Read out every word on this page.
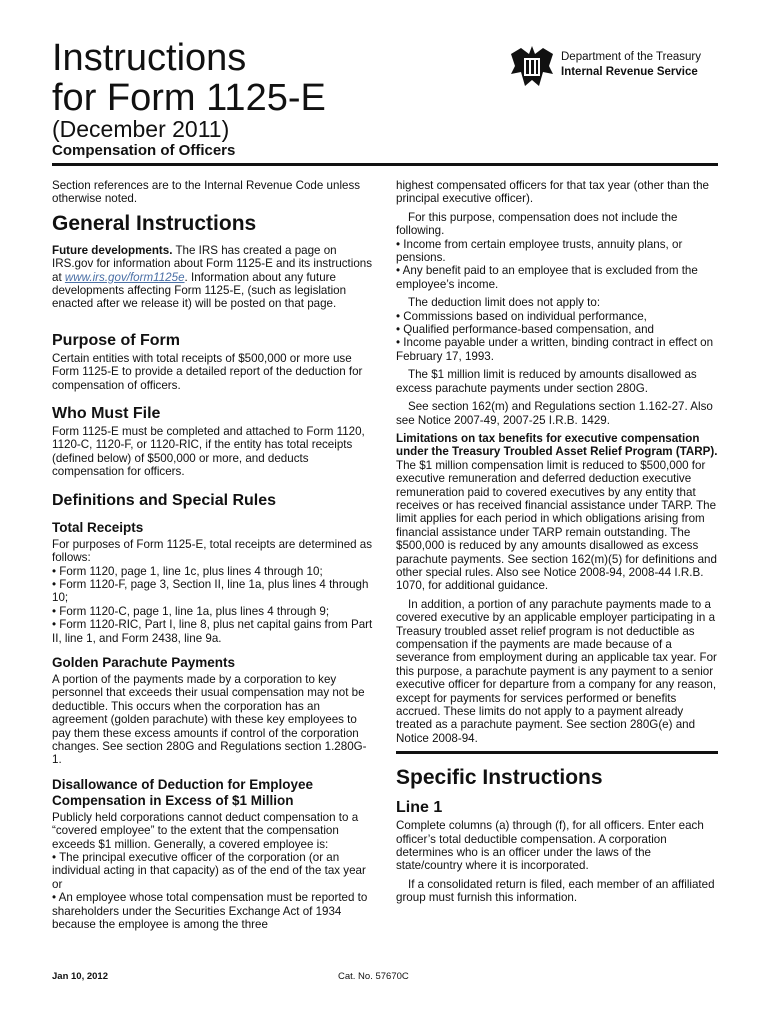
Instructions
for Form 1125-E
(December 2011)
Compensation of Officers
Department of the Treasury
Internal Revenue Service

Section references are to the Internal Revenue Code unless otherwise noted.

General Instructions

Future developments. The IRS has created a page on IRS.gov for information about Form 1125-E and its instructions at www.irs.gov/form1125e. Information about any future developments affecting Form 1125-E, (such as legislation enacted after we release it) will be posted on that page.

Purpose of Form

Certain entities with total receipts of $500,000 or more use Form 1125-E to provide a detailed report of the deduction for compensation of officers.

Who Must File

Form 1125-E must be completed and attached to Form 1120, 1120-C, 1120-F, or 1120-RIC, if the entity has total receipts (defined below) of $500,000 or more, and deducts compensation for officers.

Definitions and Special Rules
Total Receipts

For purposes of Form 1125-E, total receipts are determined as follows:

• Form 1120, page 1, line 1c, plus lines 4 through 10;
• Form 1120-F, page 3, Section II, line 1a, plus lines 4 through 10;
• Form 1120-C, page 1, line 1a, plus lines 4 through 9;
• Form 1120-RIC, Part I, line 8, plus net capital gains from Part II, line 1, and Form 2438, line 9a.
Golden Parachute Payments

A portion of the payments made by a corporation to key personnel that exceeds their usual compensation may not be deductible. This occurs when the corporation has an agreement (golden parachute) with these key employees to pay them these excess amounts if control of the corporation changes. See section 280G and Regulations section 1.280G-1.

Disallowance of Deduction for Employee Compensation in Excess of $1 Million

Publicly held corporations cannot deduct compensation to a “covered employee” to the extent that the compensation exceeds $1 million. Generally, a covered employee is:

• The principal executive officer of the corporation (or an individual acting in that capacity) as of the end of the tax year or
• An employee whose total compensation must be reported to shareholders under the Securities Exchange Act of 1934 because the employee is among the three

highest compensated officers for that tax year (other than the principal executive officer).

For this purpose, compensation does not include the following.

• Income from certain employee trusts, annuity plans, or pensions.
• Any benefit paid to an employee that is excluded from the employee’s income.

The deduction limit does not apply to:

• Commissions based on individual performance,
• Qualified performance-based compensation, and
• Income payable under a written, binding contract in effect on February 17, 1993.

The $1 million limit is reduced by amounts disallowed as excess parachute payments under section 280G.

See section 162(m) and Regulations section 1.162-27. Also see Notice 2007-49, 2007-25 I.R.B. 1429.

Limitations on tax benefits for executive compensation under the Treasury Troubled Asset Relief Program (TARP). The $1 million compensation limit is reduced to $500,000 for executive remuneration and deferred deduction executive remuneration paid to covered executives by any entity that receives or has received financial assistance under TARP. The limit applies for each period in which obligations arising from financial assistance under TARP remain outstanding. The $500,000 is reduced by any amounts disallowed as excess parachute payments. See section 162(m)(5) for definitions and other special rules. Also see Notice 2008-94, 2008-44 I.R.B. 1070, for additional guidance.

In addition, a portion of any parachute payments made to a covered executive by an applicable employer participating in a Treasury troubled asset relief program is not deductible as compensation if the payments are made because of a severance from employment during an applicable tax year. For this purpose, a parachute payment is any payment to a senior executive officer for departure from a company for any reason, except for payments for services performed or benefits accrued. These limits do not apply to a payment already treated as a parachute payment. See section 280G(e) and Notice 2008-94.

Specific Instructions
Line 1

Complete columns (a) through (f), for all officers. Enter each officer’s total deductible compensation. A corporation determines who is an officer under the laws of the state/country where it is incorporated.

If a consolidated return is filed, each member of an affiliated group must furnish this information.

Jan 10, 2012	Cat. No. 57670C
